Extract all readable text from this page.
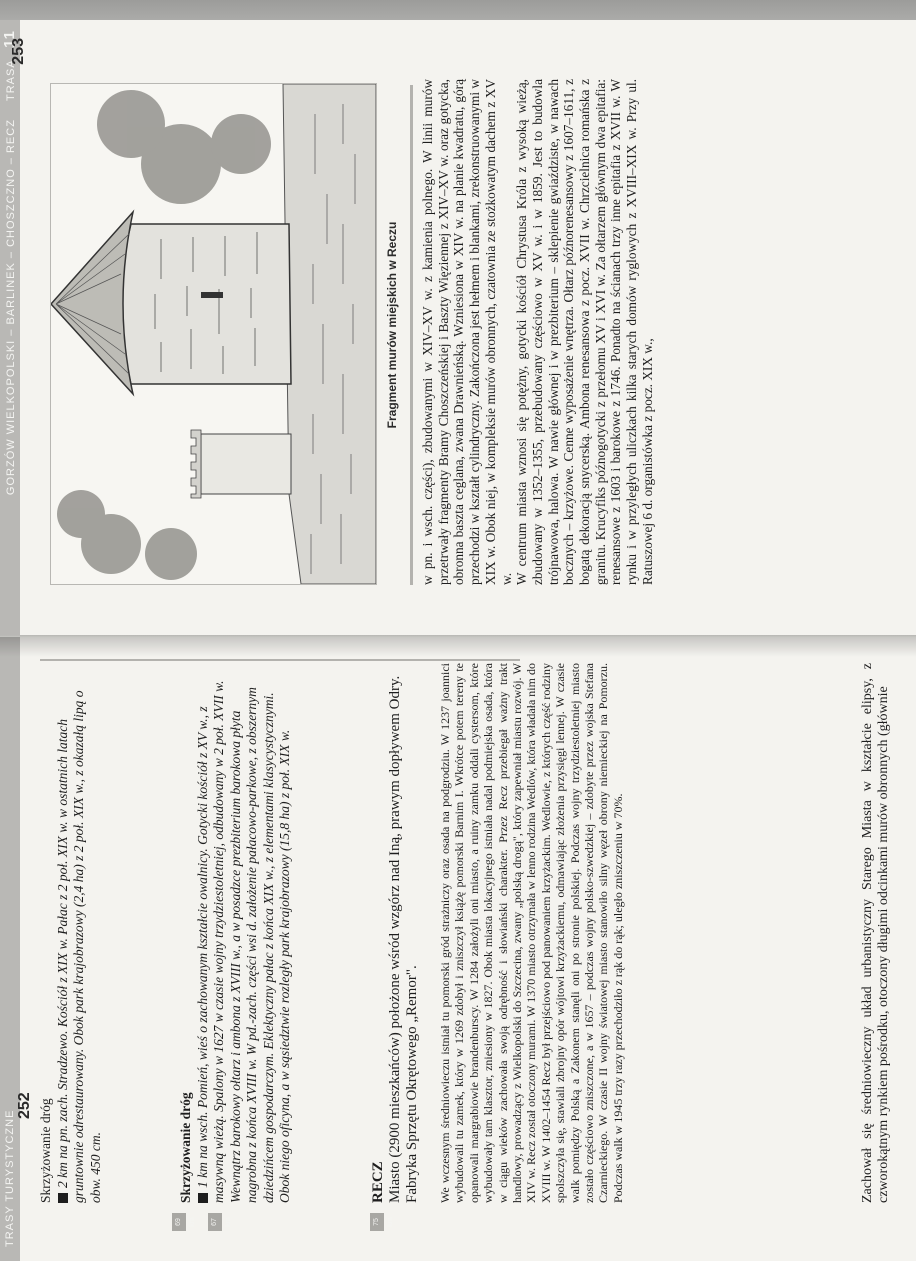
TRASY TURYSTYCZNE
252
67 km

Skrzyżowanie dróg 2 km na pn. zach. Stradzewo. Kościół z XIX w. Pałac z 2 poł. XIX w. w ostatnich latach gruntownie odrestaurowany. Obok park krajobrazowy (2,4 ha) z 2 poł. XIX w., z okazałą lipą o obw. 450 cm.

69 km

Skrzyżowanie dróg 1 km na wsch. Pomień, wieś o zachowanym kształcie owalnicy. Gotycki kościół z XV w., z masywną wieżą. Spalony w 1627 w czasie wojny trzydziestoletniej, odbudowany w 2 poł. XVII w. Wewnątrz barokowy ołtarz i ambona z XVIII w., a w posadzce prezbiterium barokowa płyta nagrobna z końca XVIII w. W pd.-zach. części wsi d. założenie pałacowo-parkowe, z obszernym dziedzińcem gospodarczym. Eklektyczny pałac z końca XIX w., z elementami klasycystycznymi. Obok niego oficyna, a w sąsiedztwie rozległy park krajobrazowy (15,8 ha) z poł. XIX w.

75 km

RECZ Miasto (2900 mieszkańców) położone wśród wzgórz nad Iną, prawym dopływem Odry. Fabryka Sprzętu Okrętowego „Remor". We wczesnym średniowieczu istniał tu pomorski gród strażniczy oraz osada na podgrodziu. W 1237 joannici wybudowali tu zamek, który w 1269 zdobył i zniszczył książę pomorski Barnim I. Wkrótce potem tereny te opanowali margrabiowie brandenburscy. W 1284 założyli oni miasto, a ruiny zamku oddali cystersom, które wybudowały tam klasztor, zniesiony w 1827. Obok miasta lokacyjnego istniała nadal podmiejska osada, która w ciągu wieków zachowała swoją odrębność i słowiański charakter. Przez Recz przebiegał ważny trakt handlowy, prowadzący z Wielkopolski do Szczecina, zwany „polską drogą", który zapewniał miastu rozwój. W XIV w. Recz został otoczony murami. W 1370 miasto otrzymała w lenno rodzina Wedlów, która władała nim do XVIII w. W 1402–1454 Recz był przejściowo pod panowaniem krzyżackim. Wedlowie, z których część rodziny spolszczyła się, stawiali zbrojny opór wójtowi krzyżackiemu, odmawiając złożenia przysięgi lennej. W czasie walk pomiędzy Polską a Zakonem stanęli oni po stronie polskiej. Podczas wojny trzydziestoletniej miasto zostało częściowo zniszczone, a w 1657 – podczas wojny polsko-szwedzkiej – zdobyte przez wojska Stefana Czarnieckiego. W czasie II wojny światowej miasto stanowiło silny węzeł obrony niemieckiej na Pomorzu. Podczas walk w 1945 trzy razy przechodziło z rąk do rąk; uległo zniszczeniu w 70%.	Zachował się średniowieczny układ urbanistyczny Starego Miasta w kształcie elipsy, z czworokątnym rynkiem pośrodku, otoczony długimi odcinkami murów obronnych (głównie
GORZÓW WIELKOPOLSKI – BARLINEK – CHOSZCZNO – RECZ TRASA 11
Fragment murów miejskich w Reczu w pn. i wsch. części), zbudowanymi w XIV–XV w. z kamienia polnego. W linii murów przetrwały fragmenty Bramy Choszczeńskiej i Baszty Więziennej z XIV–XV w. oraz gotycka, obronna baszta ceglana, zwana Drawnieńską. Wzniesiona w XIV w. na planie kwadratu, górą przechodzi w kształt cylindryczny. Zakończona jest hełmem i blankami, zrekonstruowanymi w XIX w. Obok niej, w kompleksie murów obronnych, czatownia ze stożkowatym dachem z XV w. W centrum miasta wznosi się potężny, gotycki kościół Chrystusa Króla z wysoką wieżą, zbudowany w 1352–1355, przebudowany częściowo w XV w. i w 1859. Jest to budowla trójnawowa, halowa. W nawie głównej i w prezbiterium – sklepienie gwiaździste, w nawach bocznych – krzyżowe. Cenne wyposażenie wnętrza. Ołtarz późnorenesansowy z 1607–1611, z bogatą dekoracją snycerską. Ambona renesansowa z pocz. XVII w. Chrzcielnica romańska z granitu. Krucyfiks późnogotycki z przełomu XV i XVI w. Za ołtarzem głównym dwa epitafia: renesansowe z 1603 i barokowe z 1746. Ponadto na ścianach trzy inne epitafia z XVII w. W rynku i w przyległych uliczkach kilka starych domów ryglowych z XVIII–XIX w. Przy ul. Ratuszowej 6 d. organistówka z pocz. XIX w.,

253
